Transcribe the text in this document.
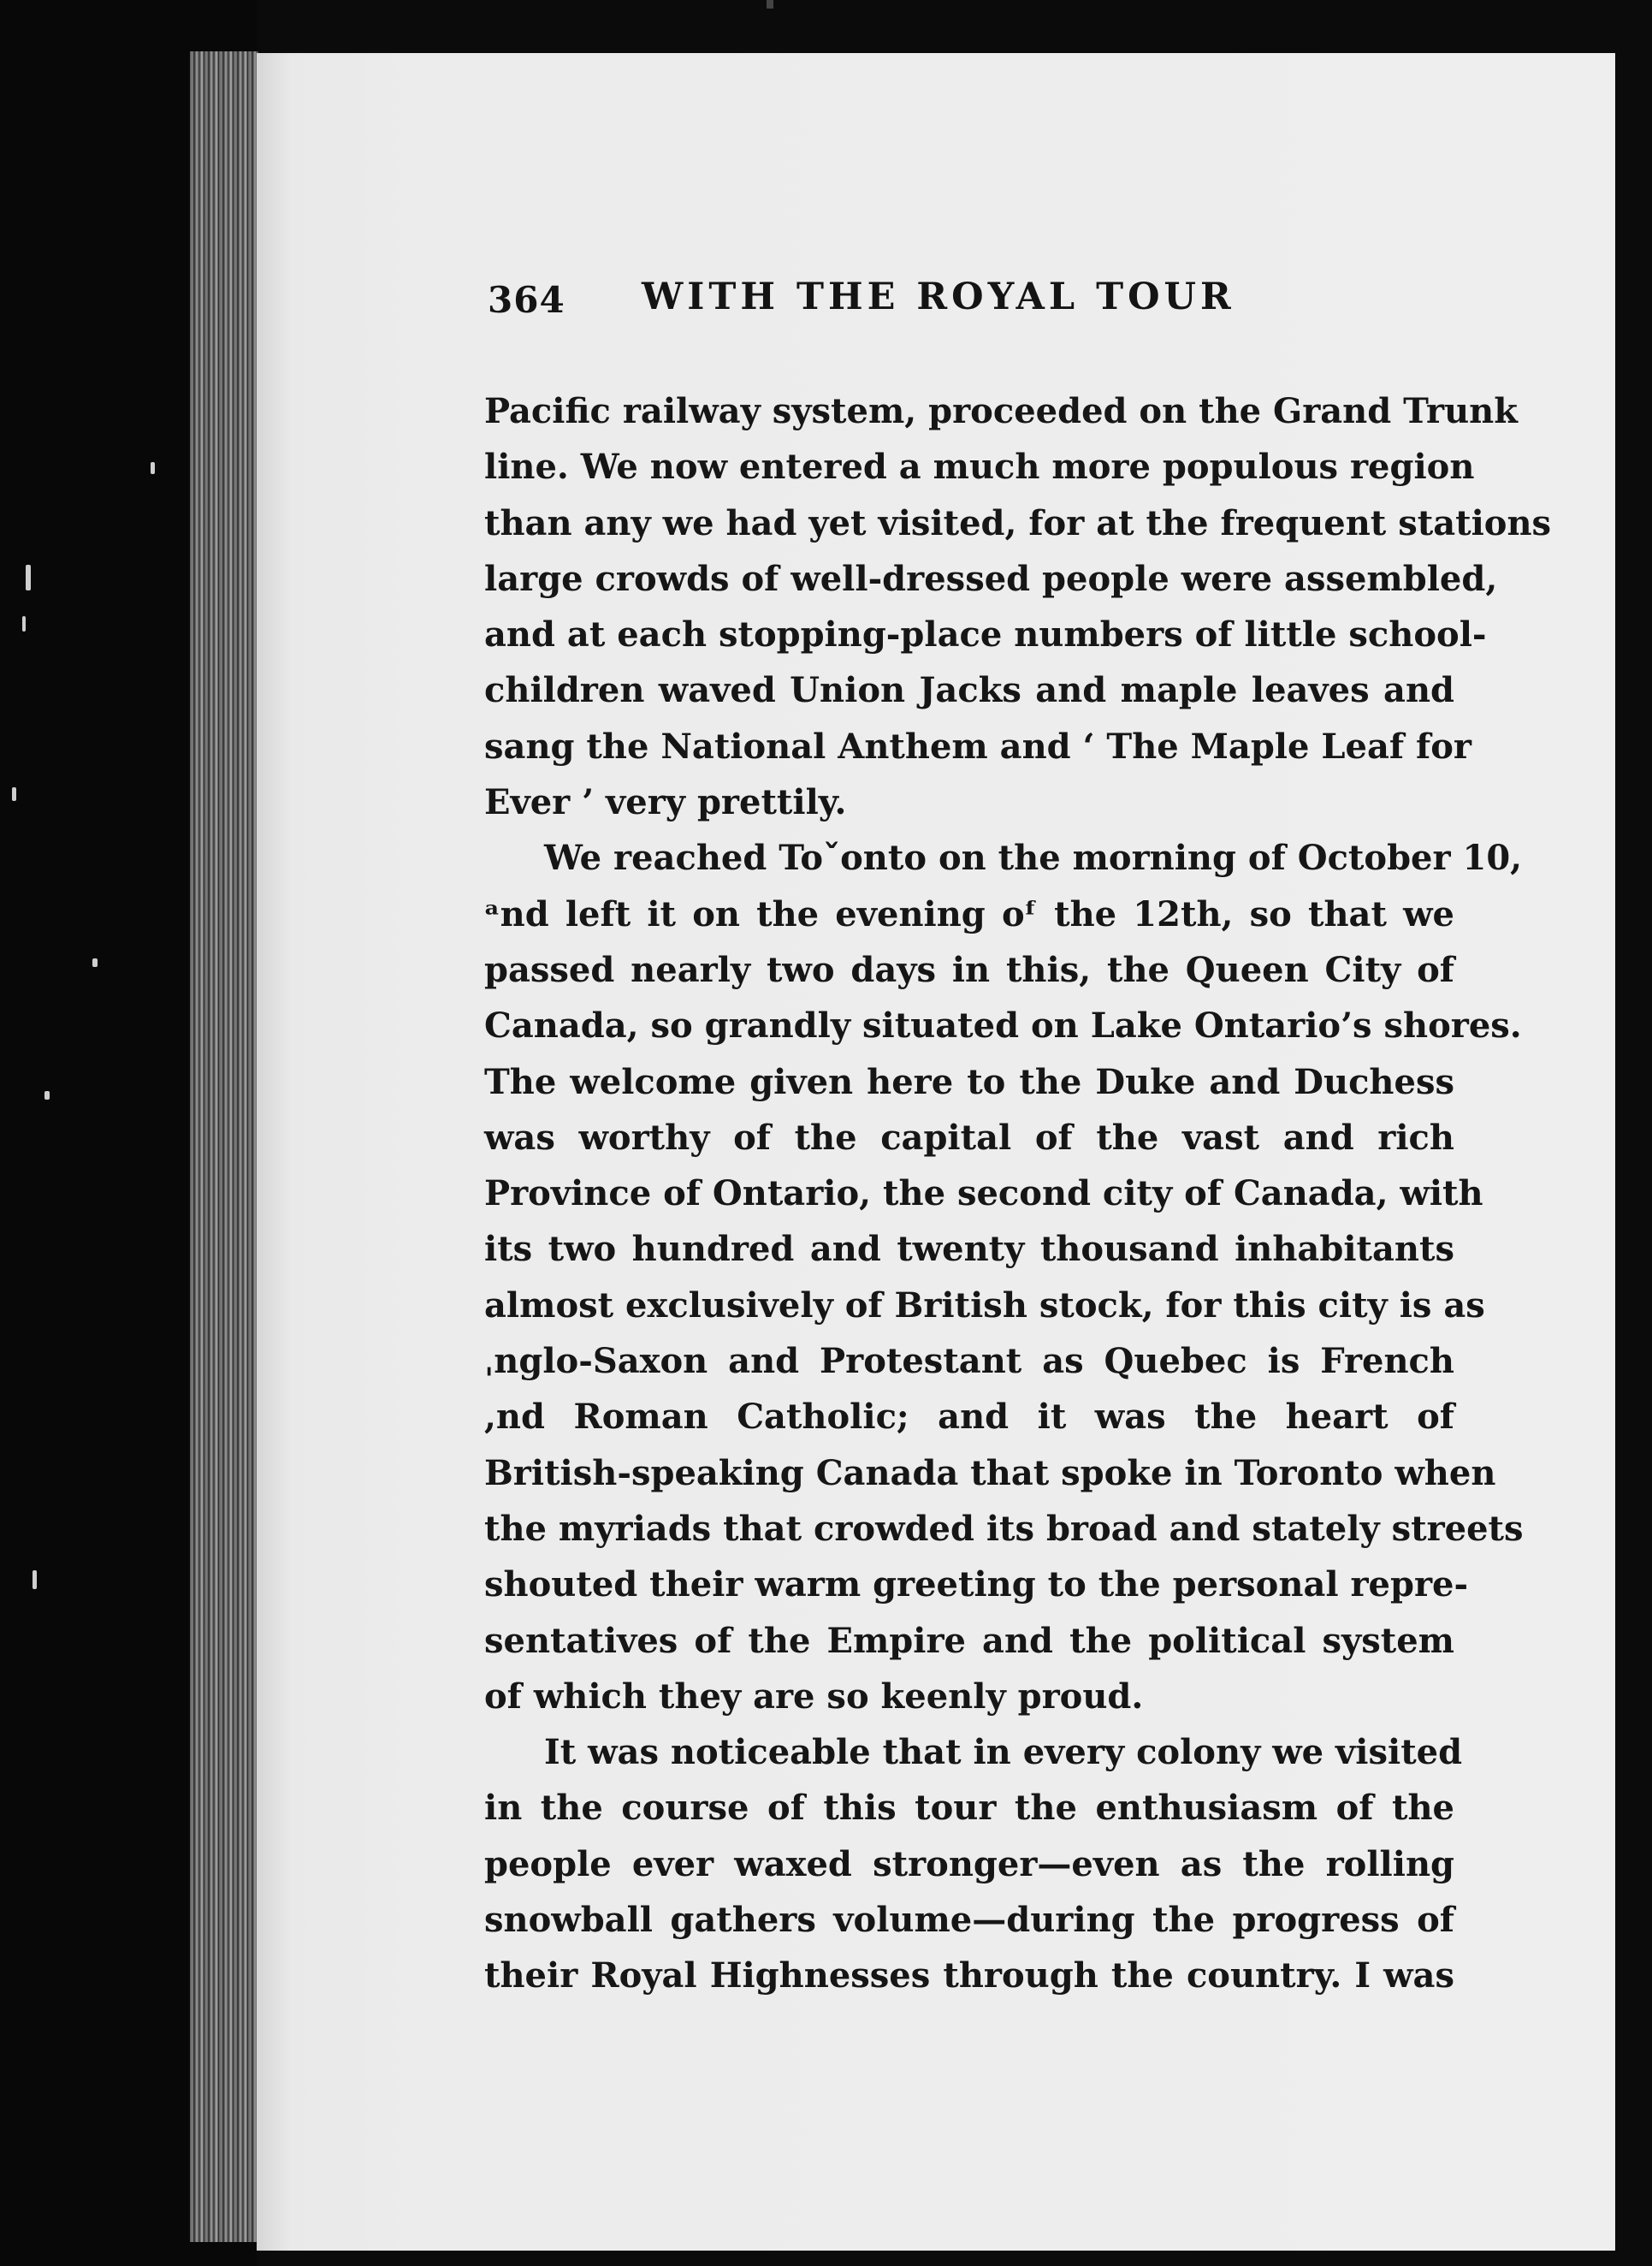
364 WITH THE ROYAL TOUR
Pacific railway system, proceeded on the Grand Trunk
line. We now entered a much more populous region
than any we had yet visited, for at the frequent stations
large crowds of well-dressed people were assembled,
and at each stopping-place numbers of little school-
children waved Union Jacks and maple leaves and
sang the National Anthem and ‘ The Maple Leaf for
Ever ’ very prettily.
We reached Toˇonto on the morning of October 10,
ᵃnd left it on the evening oᶠ the 12th, so that we
passed nearly two days in this, the Queen City of
Canada, so grandly situated on Lake Ontario’s shores.
The welcome given here to the Duke and Duchess
was worthy of the capital of the vast and rich
Province of Ontario, the second city of Canada, with
its two hundred and twenty thousand inhabitants
almost exclusively of British stock, for this city is as
ˌnglo-Saxon and Protestant as Quebec is French
,nd Roman Catholic; and it was the heart of
British-speaking Canada that spoke in Toronto when
the myriads that crowded its broad and stately streets
shouted their warm greeting to the personal repre-
sentatives of the Empire and the political system
of which they are so keenly proud.
It was noticeable that in every colony we visited
in the course of this tour the enthusiasm of the
people ever waxed stronger—even as the rolling
snowball gathers volume—during the progress of
their Royal Highnesses through the country. I was
